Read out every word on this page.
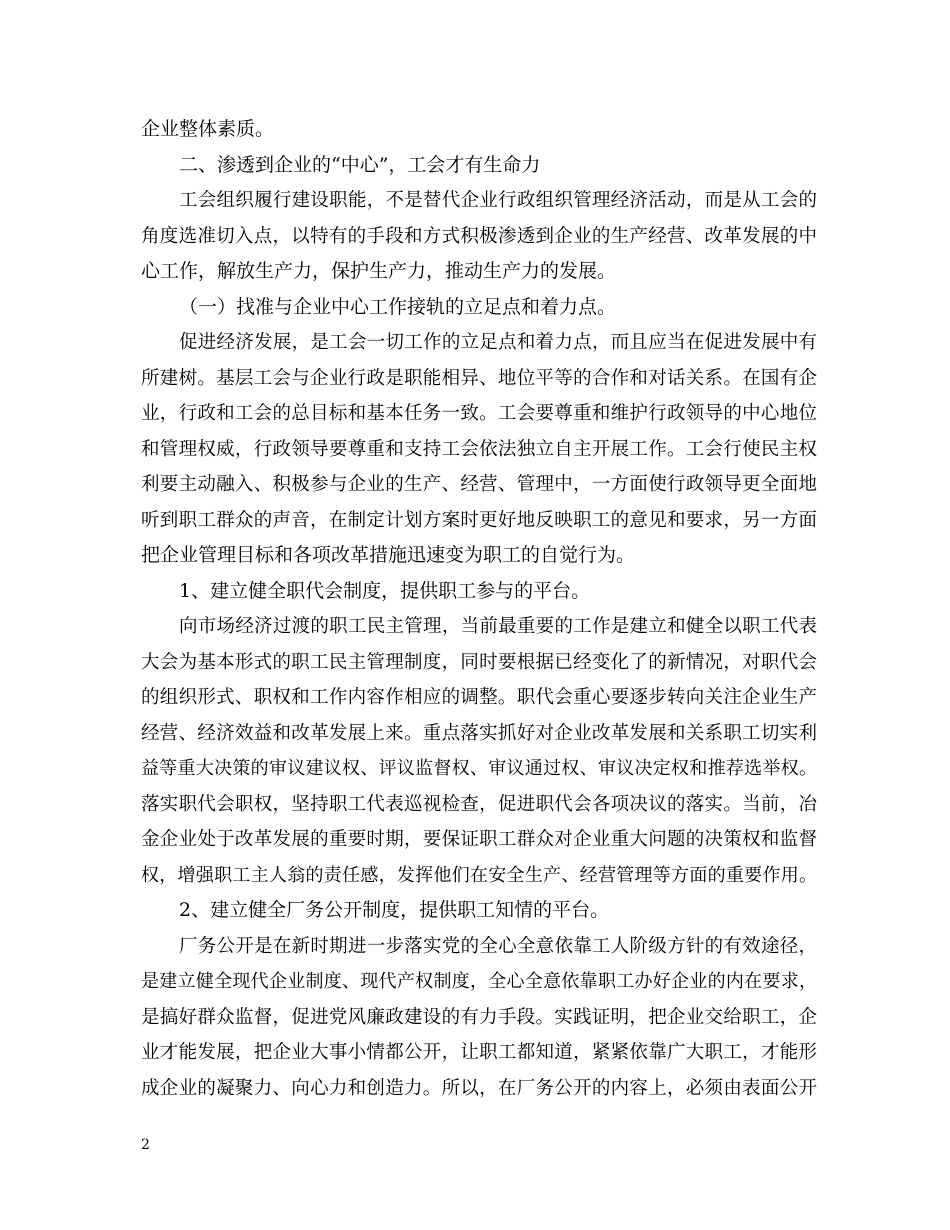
企业整体素质。
二、渗透到企业的“中心”，工会才有生命力
工会组织履行建设职能，不是替代企业行政组织管理经济活动，而是从工会的
角度选准切入点，以特有的手段和方式积极渗透到企业的生产经营、改革发展的中
心工作，解放生产力，保护生产力，推动生产力的发展。
（一）找准与企业中心工作接轨的立足点和着力点。
促进经济发展，是工会一切工作的立足点和着力点，而且应当在促进发展中有
所建树。基层工会与企业行政是职能相异、地位平等的合作和对话关系。在国有企
业，行政和工会的总目标和基本任务一致。工会要尊重和维护行政领导的中心地位
和管理权威，行政领导要尊重和支持工会依法独立自主开展工作。工会行使民主权
利要主动融入、积极参与企业的生产、经营、管理中，一方面使行政领导更全面地
听到职工群众的声音，在制定计划方案时更好地反映职工的意见和要求，另一方面
把企业管理目标和各项改革措施迅速变为职工的自觉行为。
1、建立健全职代会制度，提供职工参与的平台。
向市场经济过渡的职工民主管理，当前最重要的工作是建立和健全以职工代表
大会为基本形式的职工民主管理制度，同时要根据已经变化了的新情况，对职代会
的组织形式、职权和工作内容作相应的调整。职代会重心要逐步转向关注企业生产
经营、经济效益和改革发展上来。重点落实抓好对企业改革发展和关系职工切实利
益等重大决策的审议建议权、评议监督权、审议通过权、审议决定权和推荐选举权。
落实职代会职权，坚持职工代表巡视检查，促进职代会各项决议的落实。当前，冶
金企业处于改革发展的重要时期，要保证职工群众对企业重大问题的决策权和监督
权，增强职工主人翁的责任感，发挥他们在安全生产、经营管理等方面的重要作用。
2、建立健全厂务公开制度，提供职工知情的平台。
厂务公开是在新时期进一步落实党的全心全意依靠工人阶级方针的有效途径，
是建立健全现代企业制度、现代产权制度，全心全意依靠职工办好企业的内在要求，
是搞好群众监督，促进党风廉政建设的有力手段。实践证明，把企业交给职工，企
业才能发展，把企业大事小情都公开，让职工都知道，紧紧依靠广大职工，才能形
成企业的凝聚力、向心力和创造力。所以，在厂务公开的内容上，必须由表面公开
2
